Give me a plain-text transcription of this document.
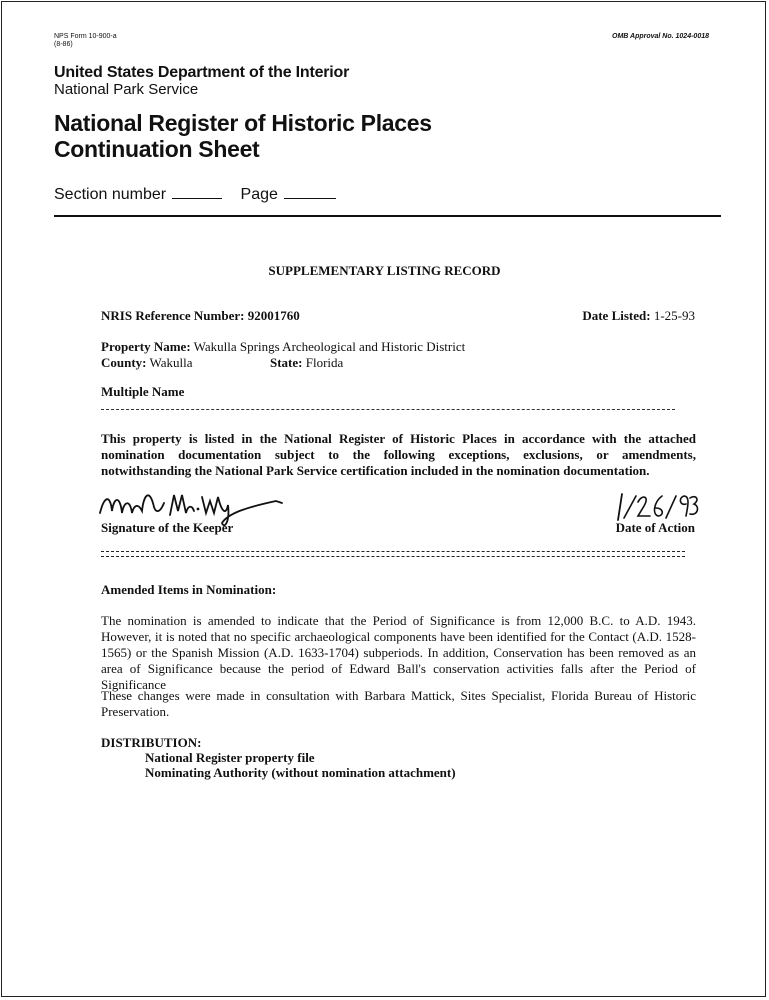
NPS Form 10-900-a
(8-86)
OMB Approval No. 1024-0018
United States Department of the Interior
National Park Service
National Register of Historic Places
Continuation Sheet
Section number	Page
SUPPLEMENTARY LISTING RECORD
NRIS Reference Number: 92001760	Date Listed: 1-25-93
Property Name: Wakulla Springs Archeological and Historic District
County: Wakulla	State: Florida
Multiple Name
This property is listed in the National Register of Historic Places in accordance with the attached nomination documentation subject to the following exceptions, exclusions, or amendments, notwithstanding the National Park Service certification included in the nomination documentation.
Signature of the Keeper	Date of Action
Amended Items in Nomination:
The nomination is amended to indicate that the Period of Significance is from 12,000 B.C. to A.D. 1943. However, it is noted that no specific archaeological components have been identified for the Contact (A.D. 1528-1565) or the Spanish Mission (A.D. 1633-1704) subperiods. In addition, Conservation has been removed as an area of Significance because the period of Edward Ball's conservation activities falls after the Period of Significance
These changes were made in consultation with Barbara Mattick, Sites Specialist, Florida Bureau of Historic Preservation.
DISTRIBUTION:
National Register property file
Nominating Authority (without nomination attachment)
